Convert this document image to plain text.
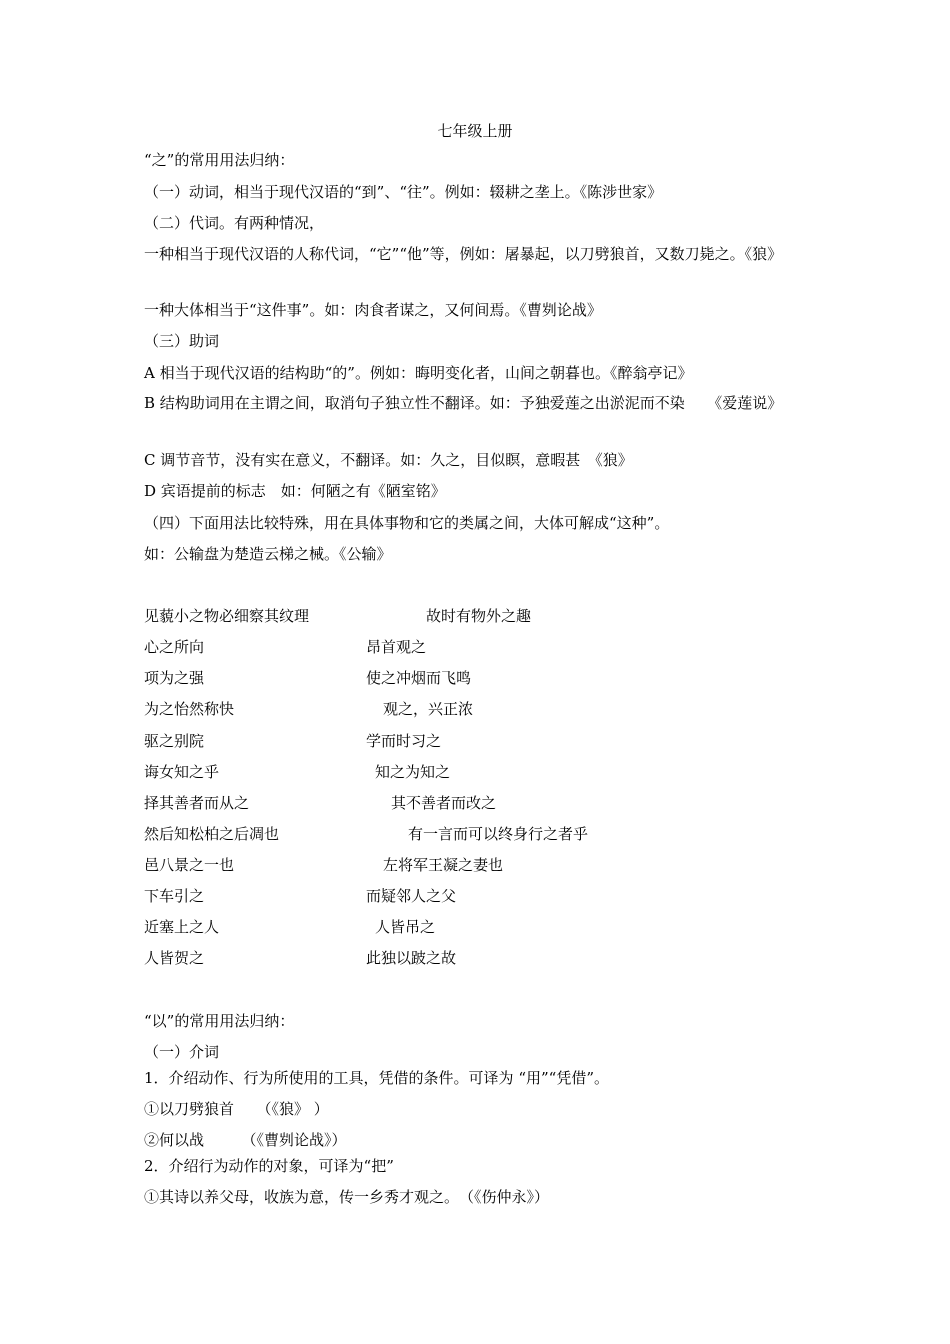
七年级上册
“之”的常用用法归纳：
（一）动词，相当于现代汉语的“到”、“往”。例如：辍耕之垄上。《陈涉世家》
（二）代词。有两种情况，
一种相当于现代汉语的人称代词，“它”“他”等，例如：屠暴起，以刀劈狼首，又数刀毙之。《狼》
一种大体相当于“这件事”。如：肉食者谋之，又何间焉。《曹刿论战》
（三）助词
A 相当于现代汉语的结构助“的”。例如：晦明变化者，山间之朝暮也。《醉翁亭记》
B 结构助词用在主谓之间，取消句子独立性不翻译。如：予独爱莲之出淤泥而不染　　《爱莲说》
C 调节音节，没有实在意义，不翻译。如：久之，目似瞑，意暇甚　《狼》
D 宾语提前的标志　如：何陋之有《陋室铭》
（四）下面用法比较特殊，用在具体事物和它的类属之间，大体可解成“这种”。
如：公输盘为楚造云梯之械。《公输》
见藐小之物必细察其纹理	故时有物外之趣
心之所向	昂首观之
项为之强	使之冲烟而飞鸣
为之怡然称快	观之，兴正浓
驱之别院	学而时习之
诲女知之乎	知之为知之
择其善者而从之	其不善者而改之
然后知松柏之后凋也	有一言而可以终身行之者乎
邑八景之一也	左将军王凝之妻也
下车引之	而疑邻人之父
近塞上之人	人皆吊之
人皆贺之	此独以跛之故
“以”的常用用法归纳：
（一）介词
1．介绍动作、行为所使用的工具，凭借的条件。可译为 “用”“凭借”。
①以刀劈狼首　　（《狼》 ）
②何以战　　　（《曹刿论战》）
2．介绍行为动作的对象，可译为“把”
①其诗以养父母，收族为意，传一乡秀才观之。　（《伤仲永》）
